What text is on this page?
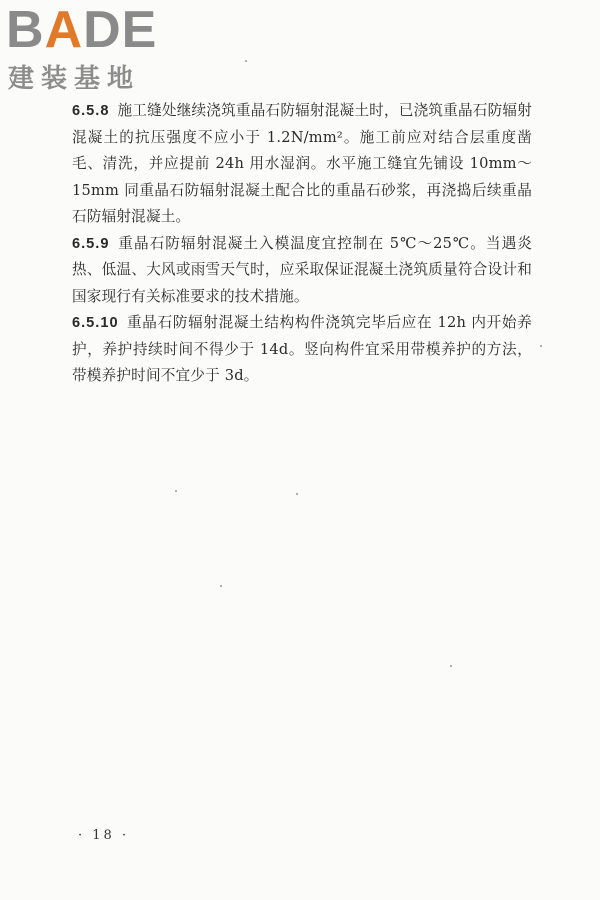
BADE
建装基地

6.5.8 施工缝处继续浇筑重晶石防辐射混凝土时，已浇筑重晶石防辐射混凝土的抗压强度不应小于 1.2N/mm²。施工前应对结合层重度凿毛、清洗，并应提前 24h 用水湿润。水平施工缝宜先铺设 10mm～15mm 同重晶石防辐射混凝土配合比的重晶石砂浆，再浇捣后续重晶石防辐射混凝土。

6.5.9 重晶石防辐射混凝土入模温度宜控制在 5℃～25℃。当遇炎热、低温、大风或雨雪天气时，应采取保证混凝土浇筑质量符合设计和国家现行有关标准要求的技术措施。

6.5.10 重晶石防辐射混凝土结构构件浇筑完毕后应在 12h 内开始养护，养护持续时间不得少于 14d。竖向构件宜采用带模养护的方法，带模养护时间不宜少于 3d。

· 18 ·
